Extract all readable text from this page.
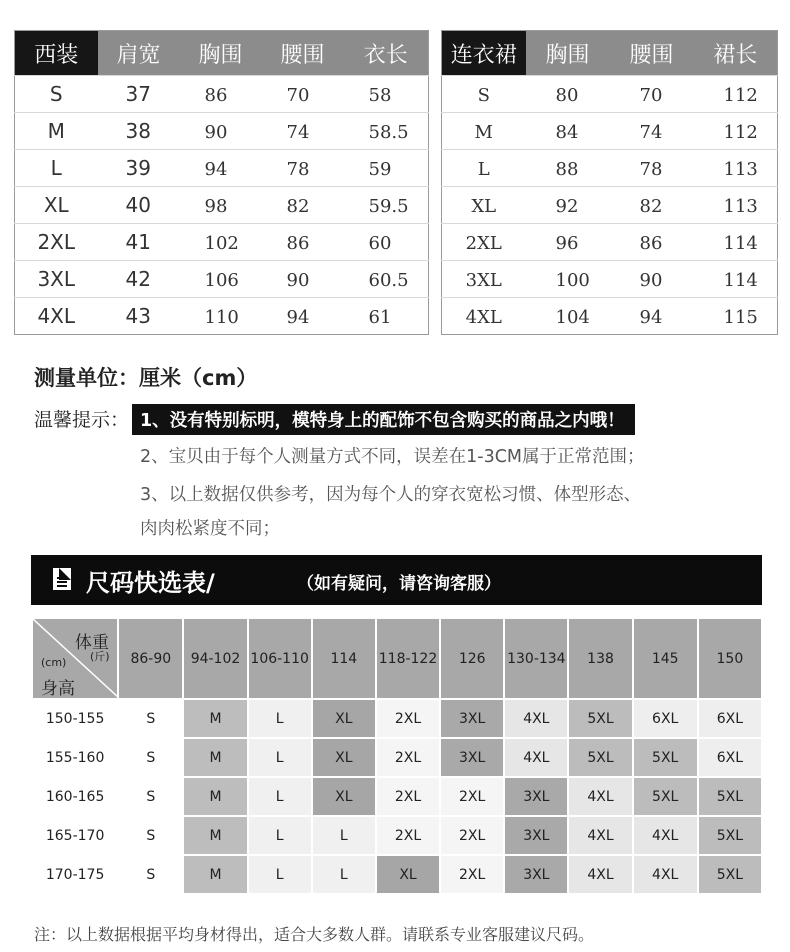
西装	肩宽	胸围	腰围	衣长
S	37	86	70	58
M	38	90	74	58.5
L	39	94	78	59
XL	40	98	82	59.5
2XL	41	102	86	60
3XL	42	106	90	60.5
4XL	43	110	94	61
连衣裙	胸围	腰围	裙长
S	80	70	112
M	84	74	112
L	88	78	113
XL	92	82	113
2XL	96	86	114
3XL	100	90	114
4XL	104	94	115
测量单位：厘米（cm）
温馨提示： 1、没有特别标明，模特身上的配饰不包含购买的商品之内哦！
2、宝贝由于每个人测量方式不同，误差在1-3CM属于正常范围；
3、以上数据仅供参考，因为每个人的穿衣宽松习惯、体型形态、
肉肉松紧度不同；
尺码快选表/	（如有疑问，请咨询客服）
体重
(斤)
(cm)
身高	86-90	94-102	106-110	114	118-122	126	130-134	138	145	150
150-155	S	M	L	XL	2XL	3XL	4XL	5XL	6XL	6XL
155-160	S	M	L	XL	2XL	3XL	4XL	5XL	5XL	6XL
160-165	S	M	L	XL	2XL	2XL	3XL	4XL	5XL	5XL
165-170	S	M	L	L	2XL	2XL	3XL	4XL	4XL	5XL
170-175	S	M	L	L	XL	2XL	3XL	4XL	4XL	5XL
注：以上数据根据平均身材得出，适合大多数人群。请联系专业客服建议尺码。
